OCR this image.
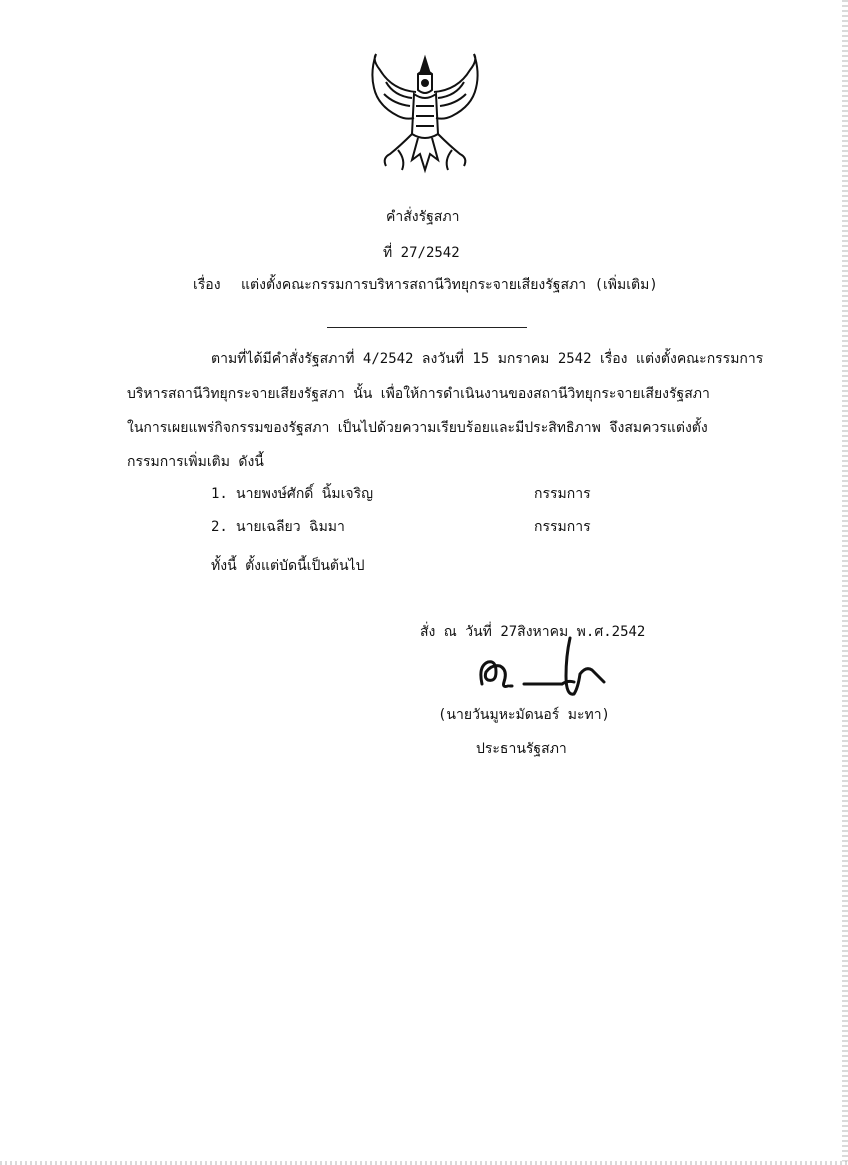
คำสั่งรัฐสภา
ที่ 27/2542
เรื่อง แต่งตั้งคณะกรรมการบริหารสถานีวิทยุกระจายเสียงรัฐสภา (เพิ่มเติม)
ตามที่ได้มีคำสั่งรัฐสภาที่ 4/2542 ลงวันที่ 15 มกราคม 2542 เรื่อง แต่งตั้งคณะกรรมการ
บริหารสถานีวิทยุกระจายเสียงรัฐสภา นั้น เพื่อให้การดำเนินงานของสถานีวิทยุกระจายเสียงรัฐสภา
ในการเผยแพร่กิจกรรมของรัฐสภา เป็นไปด้วยความเรียบร้อยและมีประสิทธิภาพ จึงสมควรแต่งตั้ง
กรรมการเพิ่มเติม ดังนี้
1. นายพงษ์ศักดิ์ นิ้มเจริญ	กรรมการ
2. นายเฉลียว ฉิมมา	กรรมการ
ทั้งนี้ ตั้งแต่บัดนี้เป็นต้นไป
สั่ง ณ วันที่ 27สิงหาคม พ.ศ.2542
(นายวันมูหะมัดนอร์ มะทา)
ประธานรัฐสภา
